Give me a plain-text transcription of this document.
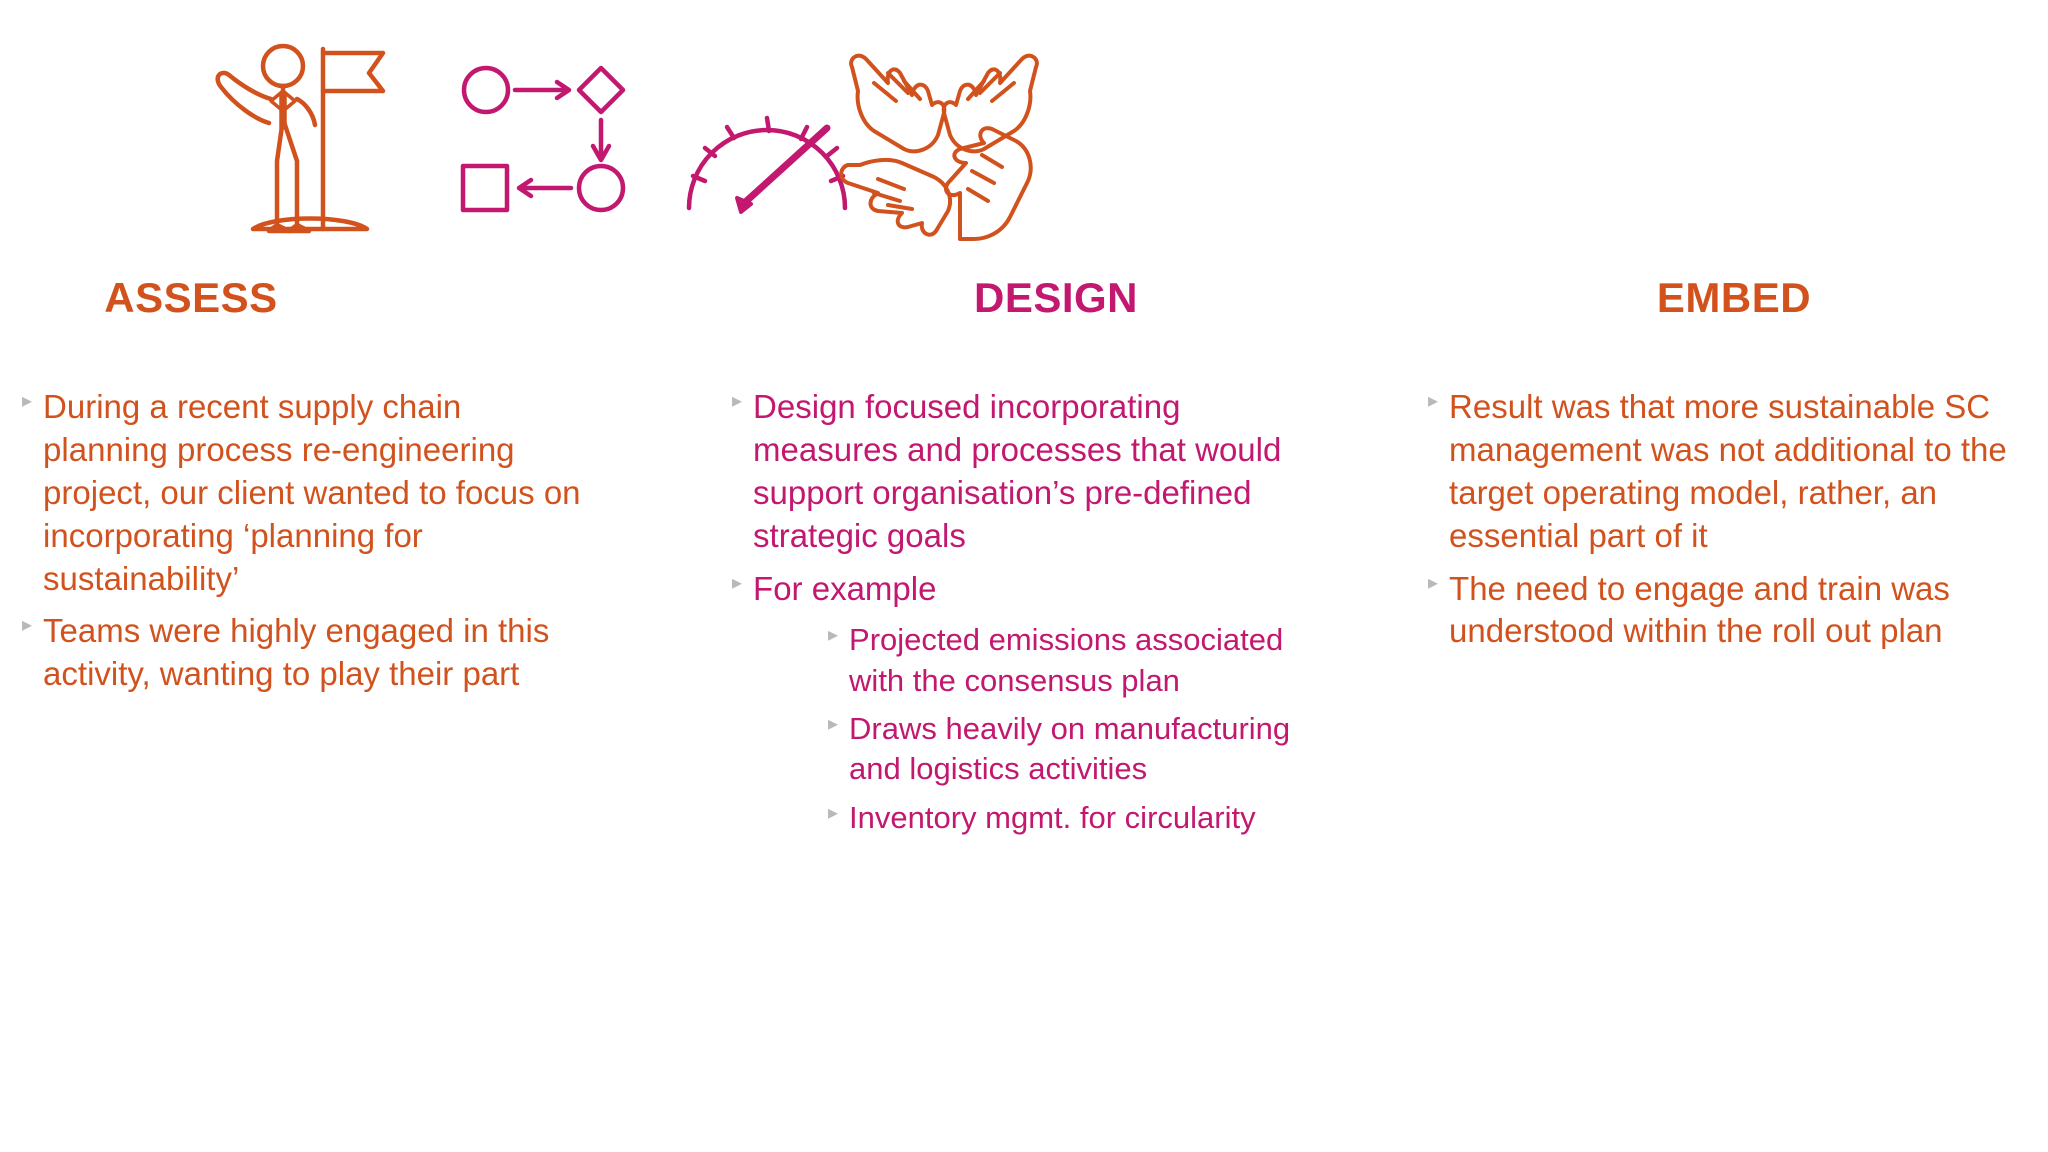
ASSESS
▸ During a recent supply chain planning process re-engineering project, our client wanted to focus on incorporating ‘planning for sustainability’
▸ Teams were highly engaged in this activity, wanting to play their part
DESIGN
▸ Design focused incorporating measures and processes that would support organisation’s pre-defined strategic goals
▸ For example
▸ Projected emissions associated with the consensus plan
▸ Draws heavily on manufacturing and logistics activities
▸ Inventory mgmt. for circularity
EMBED
▸ Result was that more sustainable SC management was not additional to the target operating model, rather, an essential part of it
▸ The need to engage and train was understood within the roll out plan
